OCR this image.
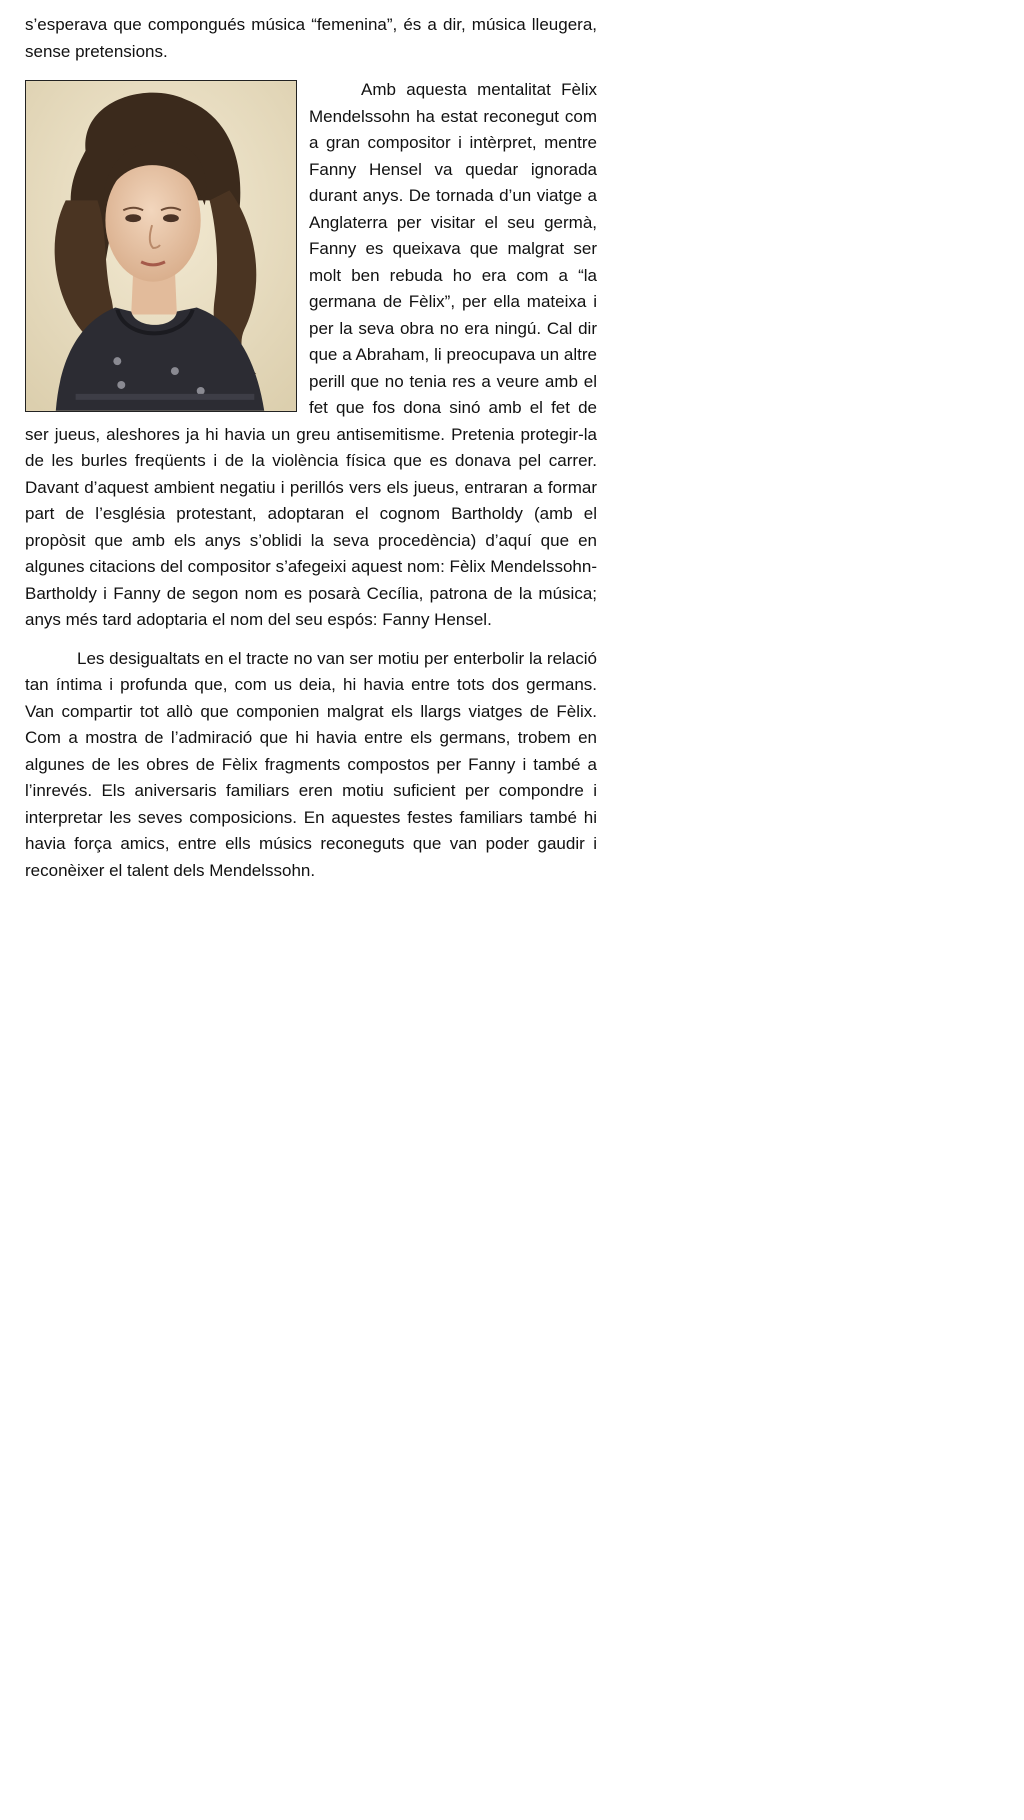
s’esperava que compongués música “femenina”, és a dir, música lleugera, sense pretensions.

Amb aquesta mentalitat Fèlix Mendelssohn ha estat reconegut com a gran compositor i intèrpret, mentre Fanny Hensel va quedar ignorada durant anys. De tornada d’un viatge a Anglaterra per visitar el seu germà, Fanny es queixava que malgrat ser molt ben rebuda ho era com a “la germana de Fèlix”, per ella mateixa i per la seva obra no era ningú. Cal dir que a Abraham, li preocupava un altre perill que no tenia res a veure amb el fet que fos dona sinó amb el fet de ser jueus, aleshores ja hi havia un greu antisemitisme. Pretenia protegir-la de les burles freqüents i de la violència física que es donava pel carrer. Davant d’aquest ambient negatiu i perillós vers els jueus, entraran a formar part de l’església protestant, adoptaran el cognom Bartholdy (amb el propòsit que amb els anys s’oblidi la seva procedència) d’aquí que en algunes citacions del compositor s’afegeixi aquest nom: Fèlix Mendelssohn-Bartholdy i Fanny de segon nom es posarà Cecília, patrona de la música; anys més tard adoptaria el nom del seu espós: Fanny Hensel.

Les desigualtats en el tracte no van ser motiu per enterbolir la relació tan íntima i profunda que, com us deia, hi havia entre tots dos germans. Van compartir tot allò que componien malgrat els llargs viatges de Fèlix. Com a mostra de l’admiració que hi havia entre els germans, trobem en algunes de les obres de Fèlix fragments compostos per Fanny i també a l’inrevés. Els aniversaris familiars eren motiu suficient per compondre i interpretar les seves composicions. En aquestes festes familiars també hi havia força amics, entre ells músics reconeguts que van poder gaudir i reconèixer el talent dels Mendelssohn.
